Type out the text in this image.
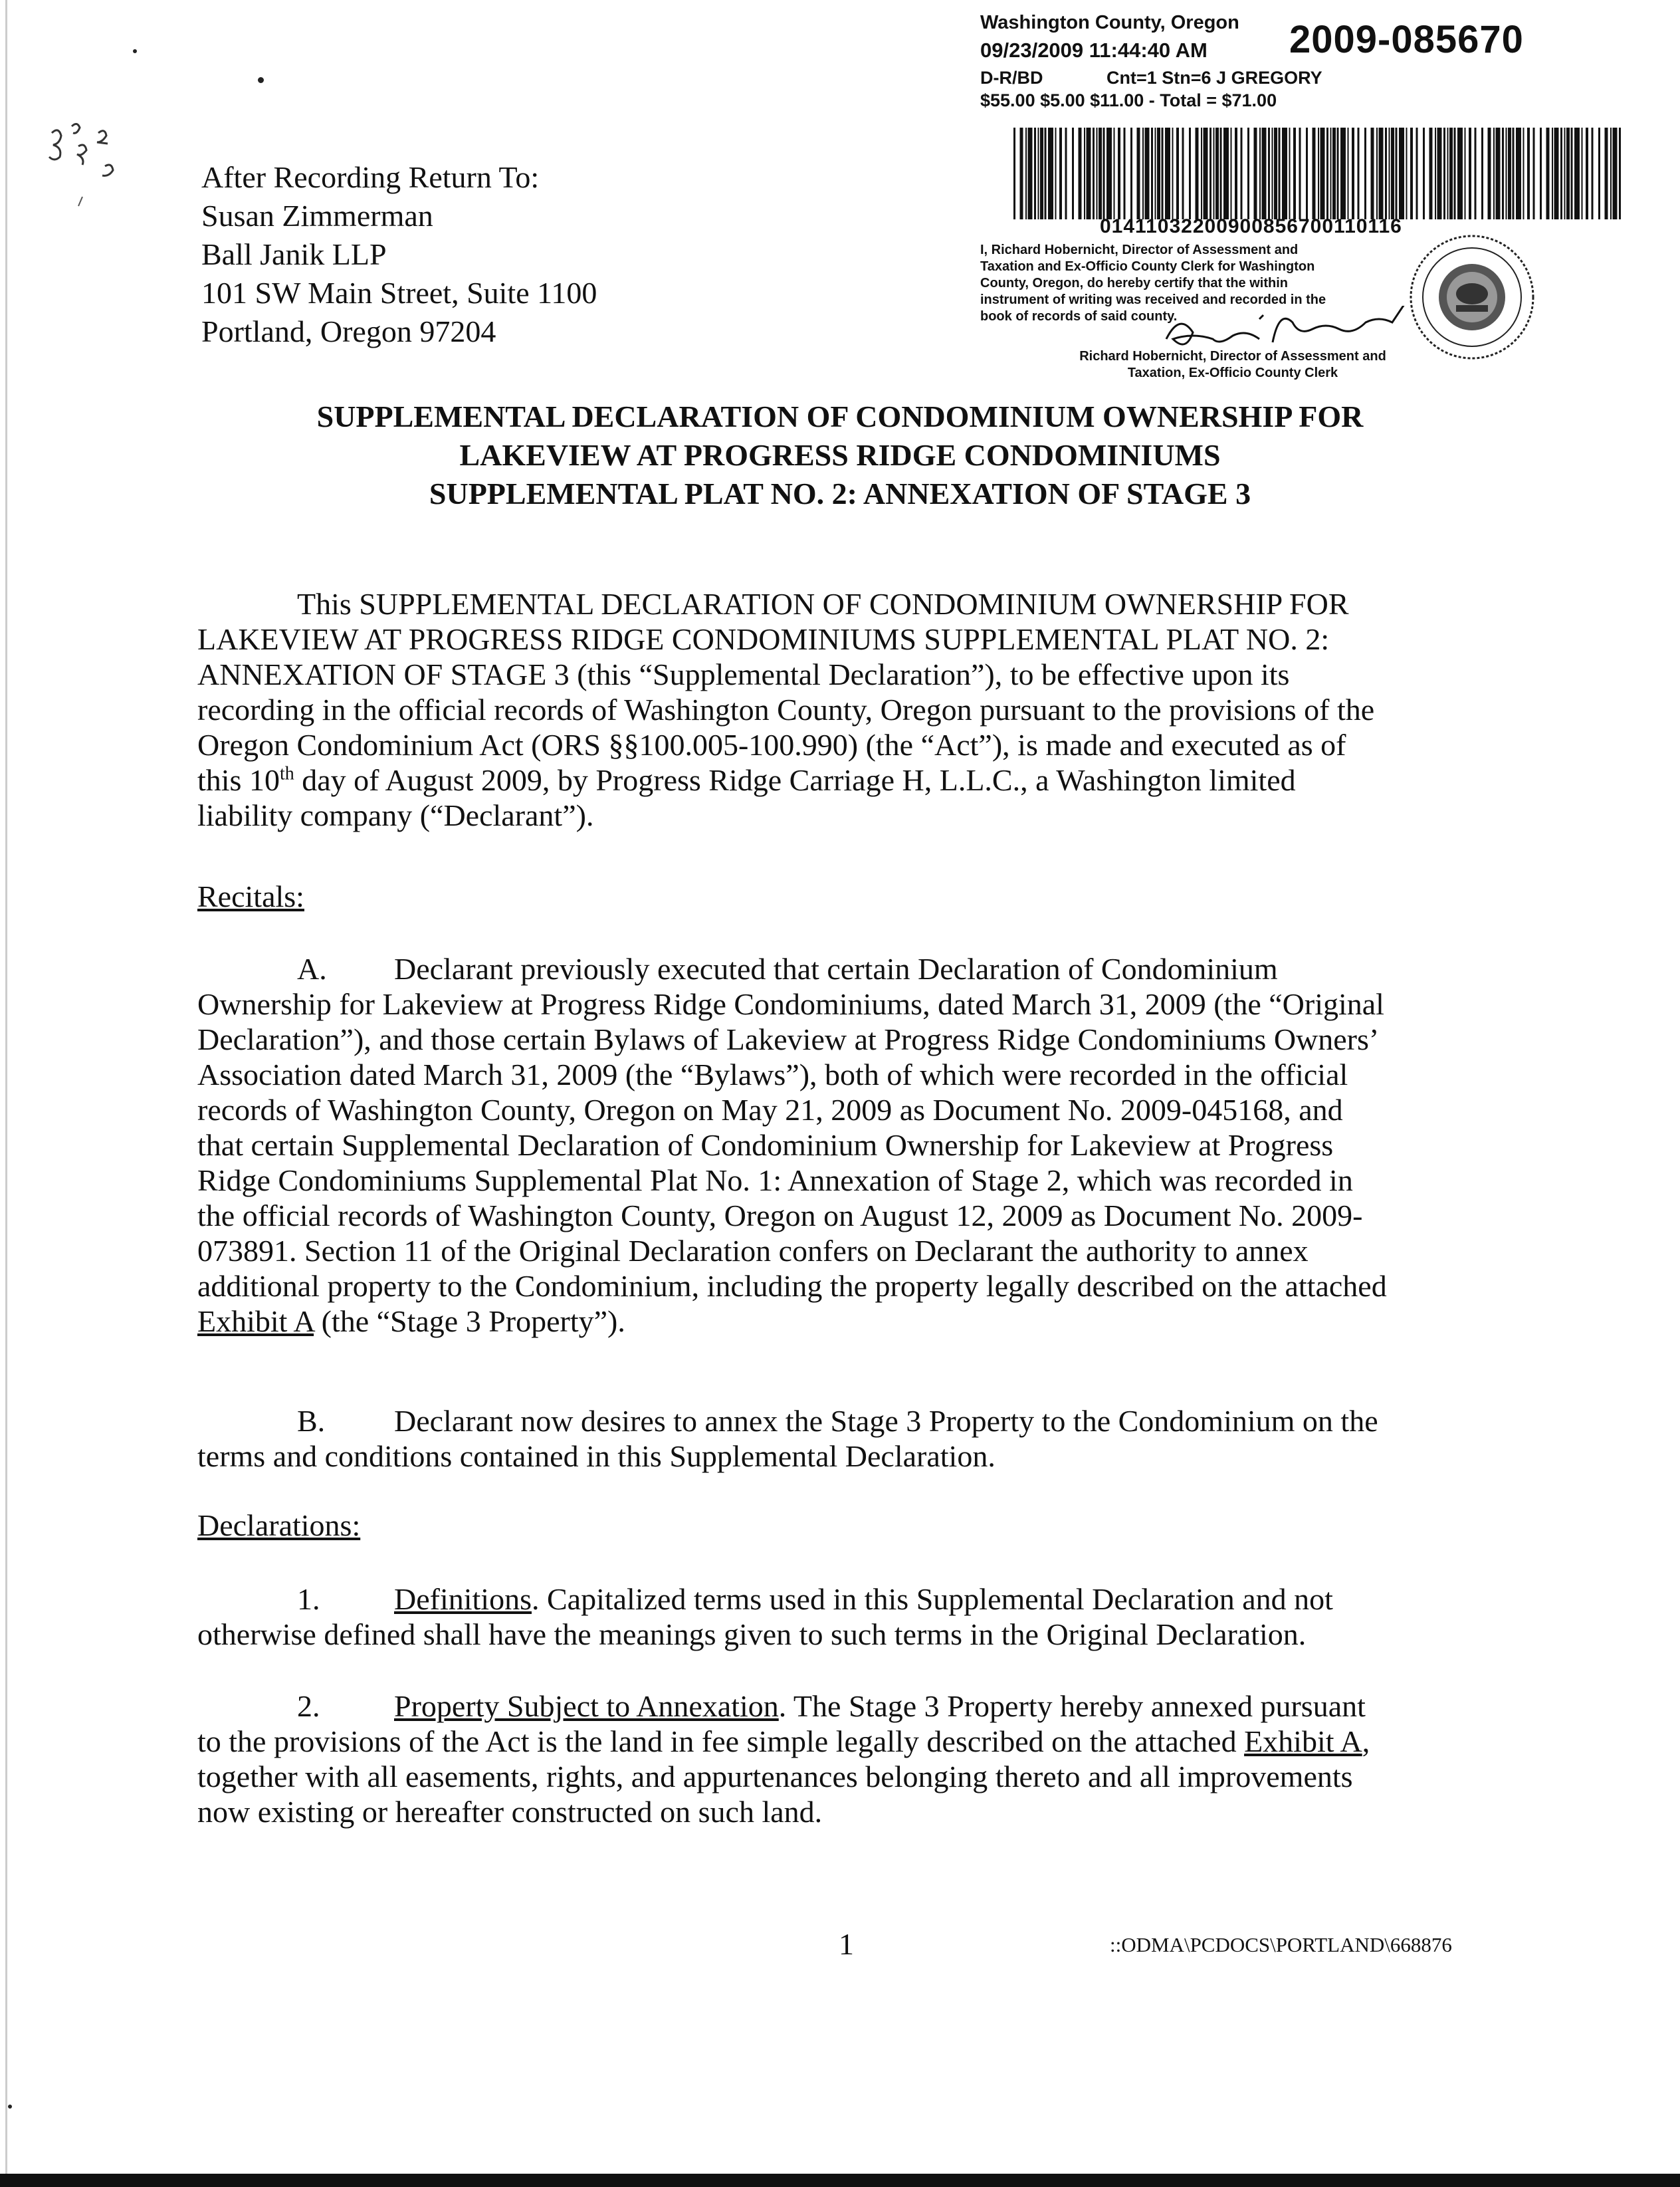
After Recording Return To:
Susan Zimmerman
Ball Janik LLP
101 SW Main Street, Suite 1100
Portland, Oregon 97204
Washington County, Oregon
09/23/2009 11:44:40 AM 2009-085670
D-R/BD	Cnt=1 Stn=6 J GREGORY
$55.00 $5.00 $11.00 - Total = $71.00
01411032200900856700110116
I, Richard Hobernicht, Director of Assessment and
Taxation and Ex-Officio County Clerk for Washington
County, Oregon, do hereby certify that the within
instrument of writing was received and recorded in the
book of records of said county.
Richard Hobernicht, Director of Assessment and
Taxation, Ex-Officio County Clerk
SUPPLEMENTAL DECLARATION OF CONDOMINIUM OWNERSHIP FOR
LAKEVIEW AT PROGRESS RIDGE CONDOMINIUMS
SUPPLEMENTAL PLAT NO. 2: ANNEXATION OF STAGE 3
This SUPPLEMENTAL DECLARATION OF CONDOMINIUM OWNERSHIP FOR
LAKEVIEW AT PROGRESS RIDGE CONDOMINIUMS SUPPLEMENTAL PLAT NO. 2:
ANNEXATION OF STAGE 3 (this “Supplemental Declaration”), to be effective upon its
recording in the official records of Washington County, Oregon pursuant to the provisions of the
Oregon Condominium Act (ORS §§100.005-100.990) (the “Act”), is made and executed as of
this 10th day of August 2009, by Progress Ridge Carriage H, L.L.C., a Washington limited
liability company (“Declarant”).
Recitals:
A. Declarant previously executed that certain Declaration of Condominium
Ownership for Lakeview at Progress Ridge Condominiums, dated March 31, 2009 (the “Original
Declaration”), and those certain Bylaws of Lakeview at Progress Ridge Condominiums Owners’
Association dated March 31, 2009 (the “Bylaws”), both of which were recorded in the official
records of Washington County, Oregon on May 21, 2009 as Document No. 2009-045168, and
that certain Supplemental Declaration of Condominium Ownership for Lakeview at Progress
Ridge Condominiums Supplemental Plat No. 1: Annexation of Stage 2, which was recorded in
the official records of Washington County, Oregon on August 12, 2009 as Document No. 2009-
073891. Section 11 of the Original Declaration confers on Declarant the authority to annex
additional property to the Condominium, including the property legally described on the attached
Exhibit A (the “Stage 3 Property”).
B. Declarant now desires to annex the Stage 3 Property to the Condominium on the
terms and conditions contained in this Supplemental Declaration.
Declarations:
1. Definitions. Capitalized terms used in this Supplemental Declaration and not
otherwise defined shall have the meanings given to such terms in the Original Declaration.
2. Property Subject to Annexation. The Stage 3 Property hereby annexed pursuant
to the provisions of the Act is the land in fee simple legally described on the attached Exhibit A,
together with all easements, rights, and appurtenances belonging thereto and all improvements
now existing or hereafter constructed on such land.
1	::ODMA\PCDOCS\PORTLAND\668876
